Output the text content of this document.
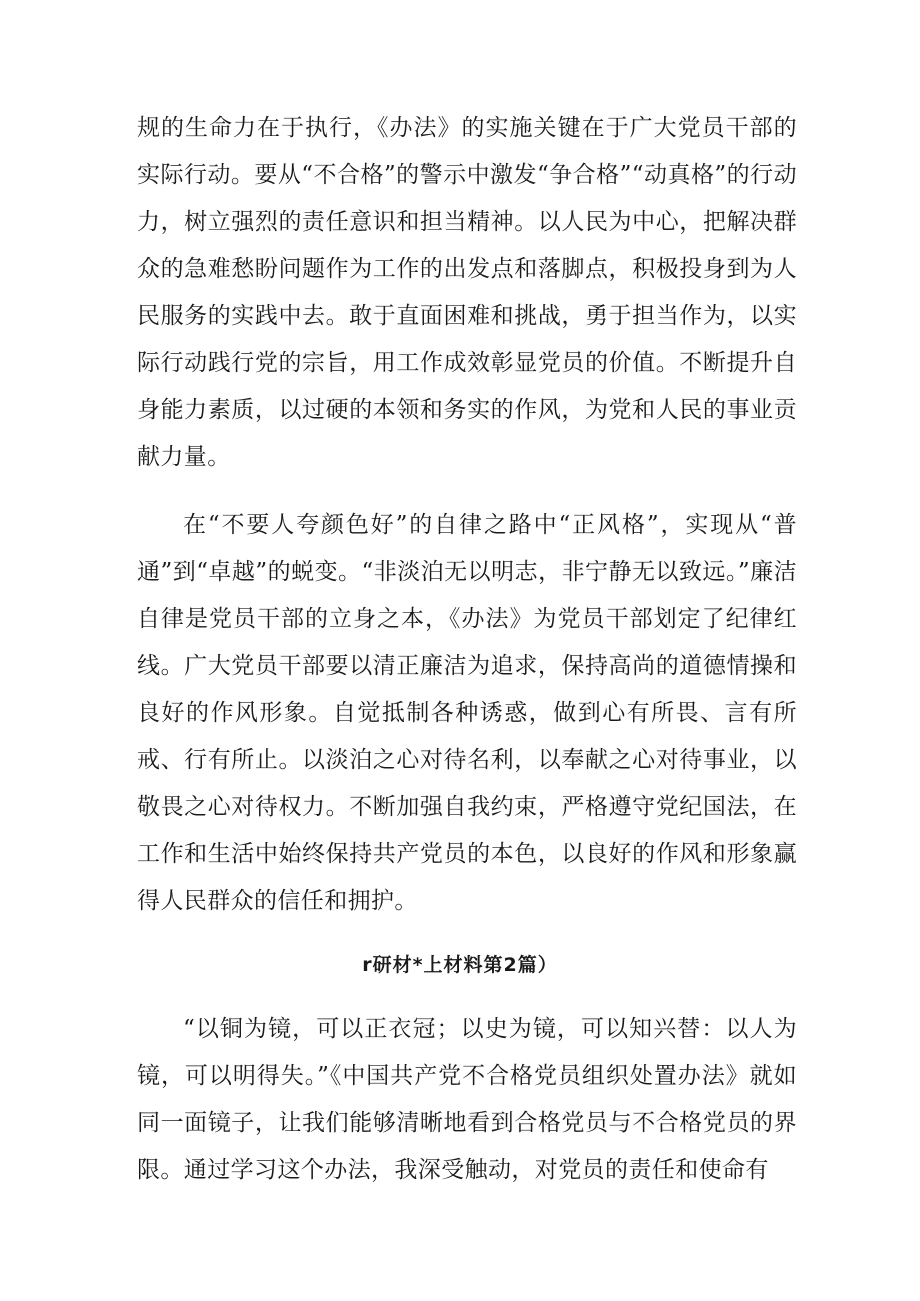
规的生命力在于执行，《办法》的实施关键在于广大党员干部的实际行动。要从“不合格”的警示中激发“争合格”“动真格”的行动力，树立强烈的责任意识和担当精神。以人民为中心，把解决群众的急难愁盼问题作为工作的出发点和落脚点，积极投身到为人民服务的实践中去。敢于直面困难和挑战，勇于担当作为，以实际行动践行党的宗旨，用工作成效彰显党员的价值。不断提升自身能力素质，以过硬的本领和务实的作风，为党和人民的事业贡献力量。

在“不要人夸颜色好”的自律之路中“正风格”，实现从“普通”到“卓越”的蜕变。“非淡泊无以明志，非宁静无以致远。”廉洁自律是党员干部的立身之本，《办法》为党员干部划定了纪律红线。广大党员干部要以清正廉洁为追求，保持高尚的道德情操和良好的作风形象。自觉抵制各种诱惑，做到心有所畏、言有所戒、行有所止。以淡泊之心对待名利，以奉献之心对待事业，以敬畏之心对待权力。不断加强自我约束，严格遵守党纪国法，在工作和生活中始终保持共产党员的本色，以良好的作风和形象赢得人民群众的信任和拥护。

r研材*上材料第2篇）

“以铜为镜，可以正衣冠；以史为镜，可以知兴替：以人为镜，可以明得失。”《中国共产党不合格党员组织处置办法》就如同一面镜子，让我们能够清晰地看到合格党员与不合格党员的界限。通过学习这个办法，我深受触动，对党员的责任和使命有
